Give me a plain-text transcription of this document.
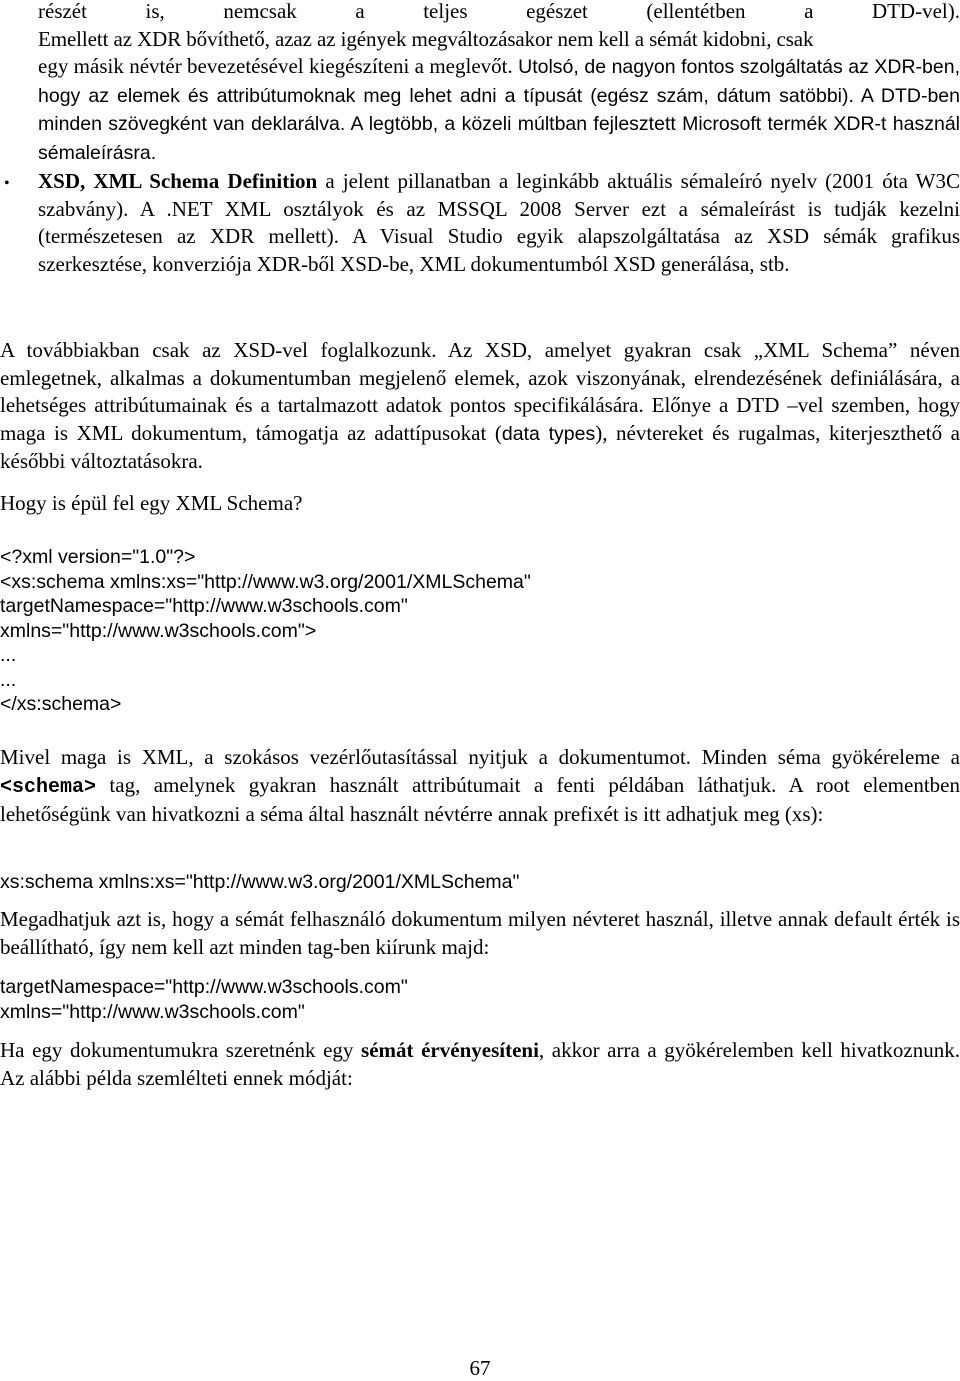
részét is, nemcsak a teljes egészet (ellentétben a DTD-vel).

Emellett az XDR bővíthető, azaz az igények megváltozásakor nem kell a sémát kidobni, csak

egy másik névtér bevezetésével kiegészíteni a meglevőt. Utolsó, de nagyon fontos szolgáltatás az XDR-ben, hogy az elemek és attribútumoknak meg lehet adni a típusát (egész szám, dátum satöbbi). A DTD-ben minden szövegként van deklarálva. A legtöbb, a közeli múltban fejlesztett Microsoft termék XDR-t használ sémaleírásra.

• XSD, XML Schema Definition a jelent pillanatban a leginkább aktuális sémaleíró nyelv (2001 óta W3C szabvány). A .NET XML osztályok és az MSSQL 2008 Server ezt a sémaleírást is tudják kezelni (természetesen az XDR mellett). A Visual Studio egyik alapszolgáltatása az XSD sémák grafikus szerkesztése, konverziója XDR-ből XSD-be, XML dokumentumból XSD generálása, stb.

A továbbiakban csak az XSD-vel foglalkozunk. Az XSD, amelyet gyakran csak „XML Schema” néven emlegetnek, alkalmas a dokumentumban megjelenő elemek, azok viszonyának, elrendezésének definiálására, a lehetséges attribútumainak és a tartalmazott adatok pontos specifikálására. Előnye a DTD –vel szemben, hogy maga is XML dokumentum, támogatja az adattípusokat (data types), névtereket és rugalmas, kiterjeszthető a későbbi változtatásokra.

Hogy is épül fel egy XML Schema?
<?xml version="1.0"?>
<xs:schema xmlns:xs="http://www.w3.org/2001/XMLSchema"
targetNamespace="http://www.w3schools.com"
xmlns="http://www.w3schools.com">
...
...
</xs:schema>

Mivel maga is XML, a szokásos vezérlőutasítással nyitjuk a dokumentumot. Minden séma gyökéreleme a <schema> tag, amelynek gyakran használt attribútumait a fenti példában láthatjuk. A root elementben lehetőségünk van hivatkozni a séma által használt névtérre annak prefixét is itt adhatjuk meg (xs):

xs:schema xmlns:xs="http://www.w3.org/2001/XMLSchema"

Megadhatjuk azt is, hogy a sémát felhasználó dokumentum milyen névteret használ, illetve annak default érték is beállítható, így nem kell azt minden tag-ben kiírunk majd:

targetNamespace="http://www.w3schools.com"
xmlns="http://www.w3schools.com"

Ha egy dokumentumukra szeretnénk egy sémát érvényesíteni, akkor arra a gyökérelemben kell hivatkoznunk. Az alábbi példa szemlélteti ennek módját:

67
